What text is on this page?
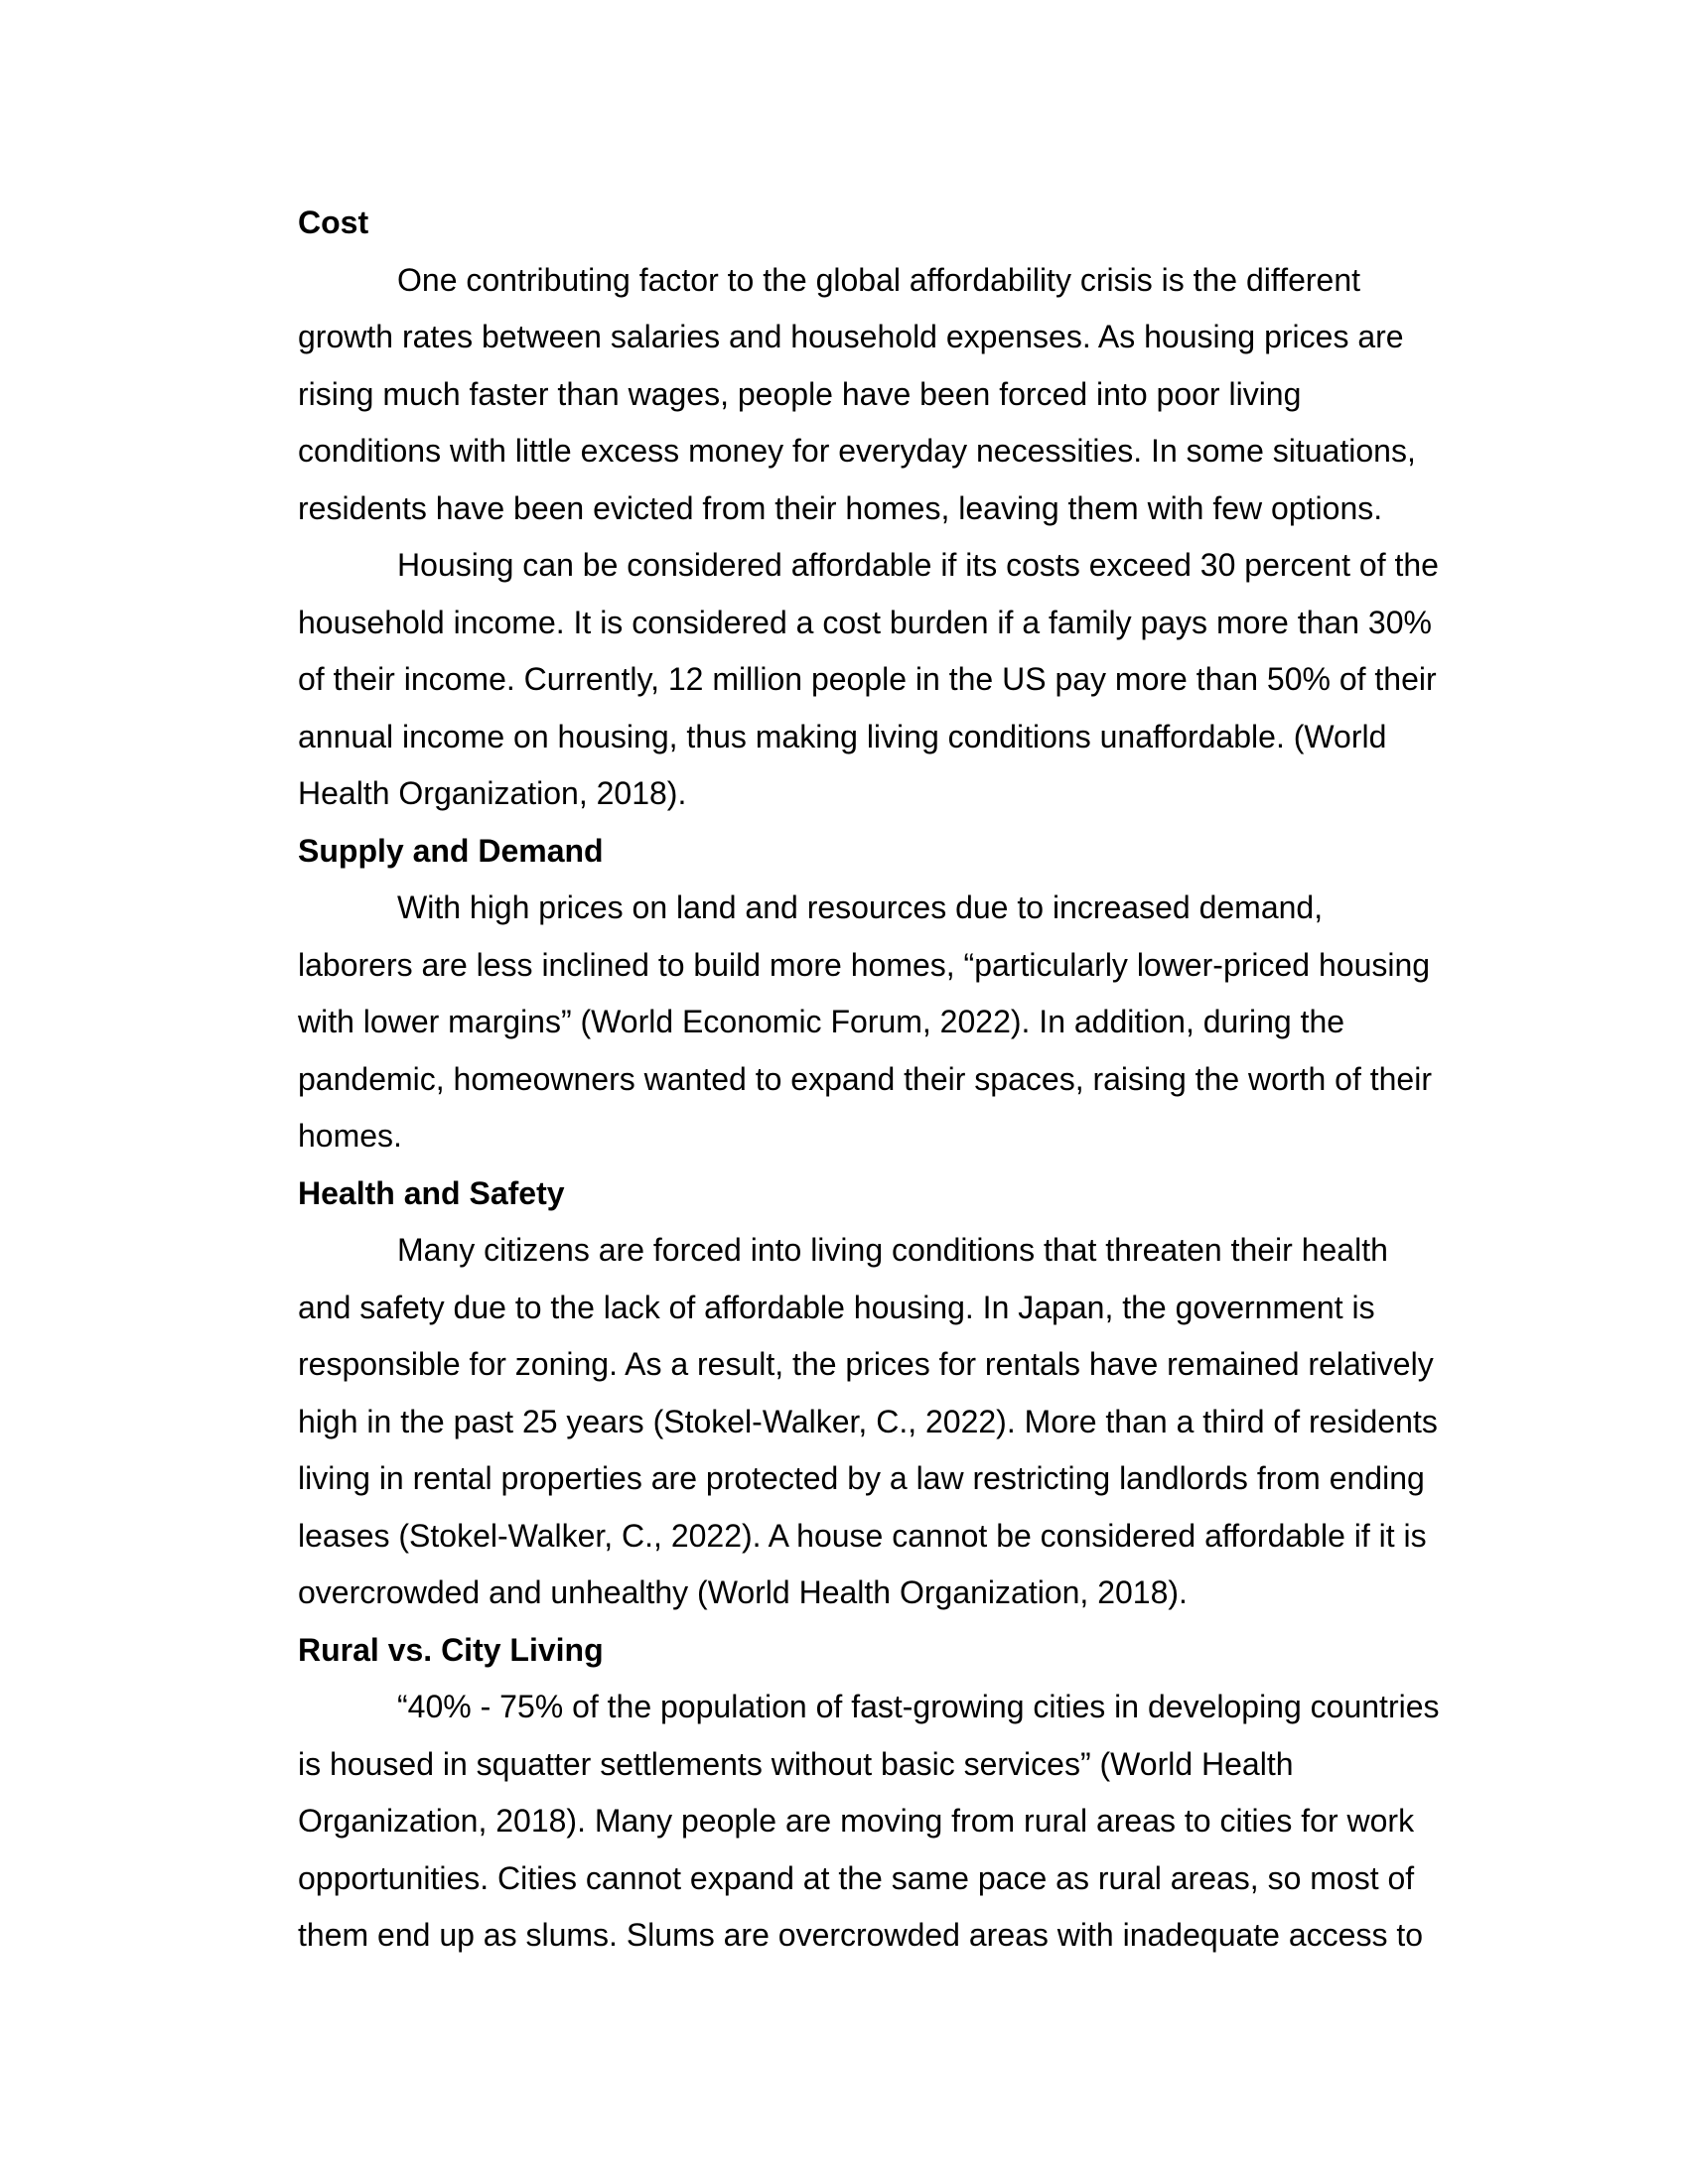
Cost

One contributing factor to the global affordability crisis is the different
growth rates between salaries and household expenses. As housing prices are
rising much faster than wages, people have been forced into poor living
conditions with little excess money for everyday necessities. In some situations,
residents have been evicted from their homes, leaving them with few options.

Housing can be considered affordable if its costs exceed 30 percent of the
household income. It is considered a cost burden if a family pays more than 30%
of their income. Currently, 12 million people in the US pay more than 50% of their
annual income on housing, thus making living conditions unaffordable. (World
Health Organization, 2018).

Supply and Demand

With high prices on land and resources due to increased demand,
laborers are less inclined to build more homes, “particularly lower-priced housing
with lower margins” (World Economic Forum, 2022). In addition, during the
pandemic, homeowners wanted to expand their spaces, raising the worth of their
homes.

Health and Safety

Many citizens are forced into living conditions that threaten their health
and safety due to the lack of affordable housing. In Japan, the government is
responsible for zoning. As a result, the prices for rentals have remained relatively
high in the past 25 years (Stokel-Walker, C., 2022). More than a third of residents
living in rental properties are protected by a law restricting landlords from ending
leases (Stokel-Walker, C., 2022). A house cannot be considered affordable if it is
overcrowded and unhealthy (World Health Organization, 2018).

Rural vs. City Living

“40% - 75% of the population of fast-growing cities in developing countries
is housed in squatter settlements without basic services” (World Health
Organization, 2018). Many people are moving from rural areas to cities for work
opportunities. Cities cannot expand at the same pace as rural areas, so most of
them end up as slums. Slums are overcrowded areas with inadequate access to
